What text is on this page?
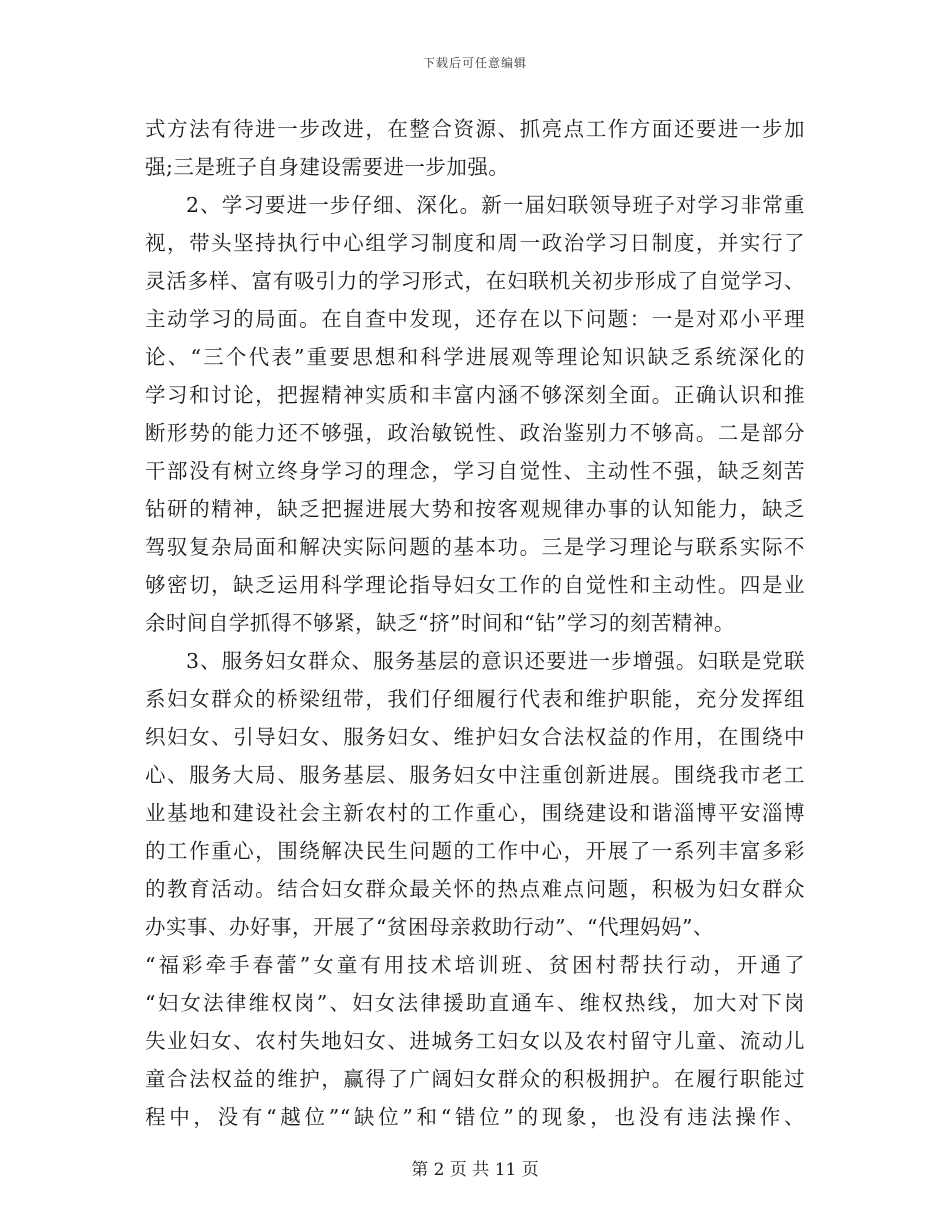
下载后可任意编辑
式方法有待进一步改进，在整合资源、抓亮点工作方面还要进一步加
强;三是班子自身建设需要进一步加强。
2、学习要进一步仔细、深化。新一届妇联领导班子对学习非常重
视，带头坚持执行中心组学习制度和周一政治学习日制度，并实行了
灵活多样、富有吸引力的学习形式，在妇联机关初步形成了自觉学习、
主动学习的局面。在自查中发现，还存在以下问题：一是对邓小平理
论、“三个代表”重要思想和科学进展观等理论知识缺乏系统深化的
学习和讨论，把握精神实质和丰富内涵不够深刻全面。正确认识和推
断形势的能力还不够强，政治敏锐性、政治鉴别力不够高。二是部分
干部没有树立终身学习的理念，学习自觉性、主动性不强，缺乏刻苦
钻研的精神，缺乏把握进展大势和按客观规律办事的认知能力，缺乏
驾驭复杂局面和解决实际问题的基本功。三是学习理论与联系实际不
够密切，缺乏运用科学理论指导妇女工作的自觉性和主动性。四是业
余时间自学抓得不够紧，缺乏“挤”时间和“钻”学习的刻苦精神。
3、服务妇女群众、服务基层的意识还要进一步增强。妇联是党联
系妇女群众的桥梁纽带，我们仔细履行代表和维护职能，充分发挥组
织妇女、引导妇女、服务妇女、维护妇女合法权益的作用，在围绕中
心、服务大局、服务基层、服务妇女中注重创新进展。围绕我市老工
业基地和建设社会主新农村的工作重心，围绕建设和谐淄博平安淄博
的工作重心，围绕解决民生问题的工作中心，开展了一系列丰富多彩
的教育活动。结合妇女群众最关怀的热点难点问题，积极为妇女群众
办实事、办好事，开展了“贫困母亲救助行动”、“代理妈妈”、
“福彩牵手春蕾”女童有用技术培训班、贫困村帮扶行动，开通了
“妇女法律维权岗”、妇女法律援助直通车、维权热线，加大对下岗
失业妇女、农村失地妇女、进城务工妇女以及农村留守儿童、流动儿
童合法权益的维护，赢得了广阔妇女群众的积极拥护。在履行职能过
程中，没有“越位”“缺位”和“错位”的现象，也没有违法操作、
第 2 页 共 11 页
